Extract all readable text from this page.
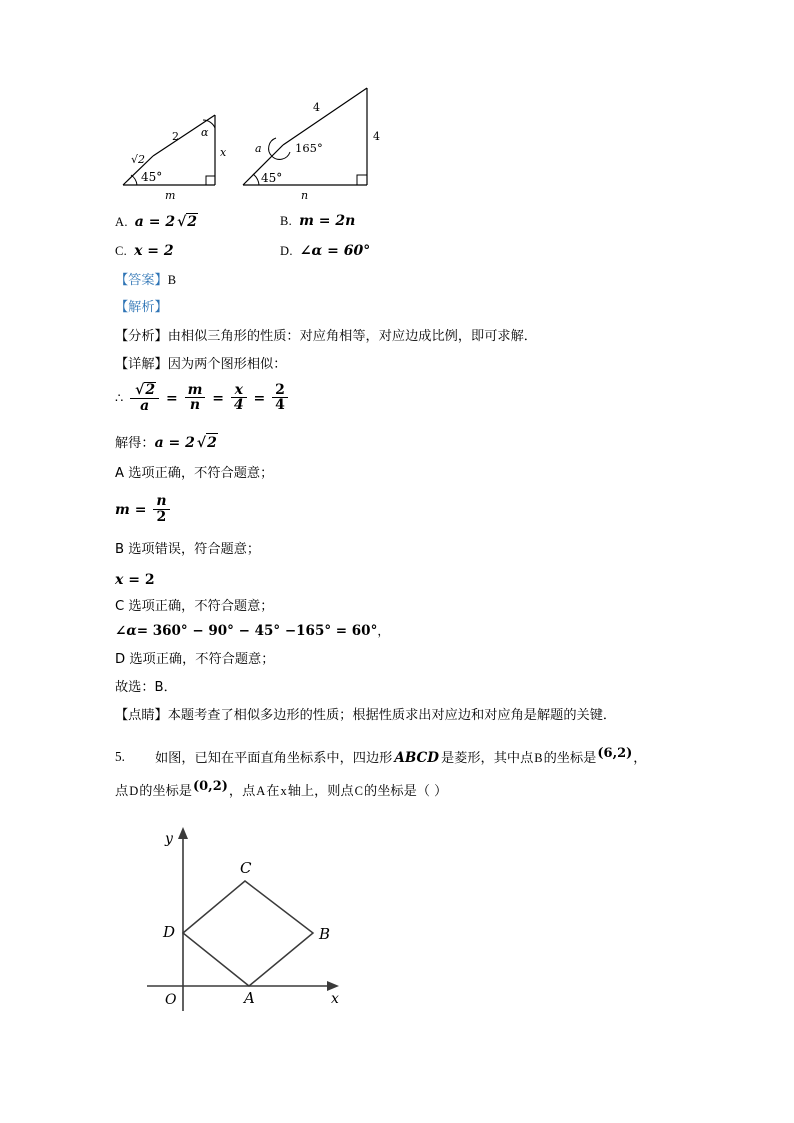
√2
2
45°
m
x
α
a
4
165°
45°
n
4
A. a = 2 √2	B. m = 2n
C. x = 2	D. ∠α = 60°
【答案】B
【解析】
【分析】由相似三角形的性质：对应角相等，对应边成比例，即可求解．
【详解】因为两个图形相似：
∴ $\frac{√2}{a} = \frac{m}{n} = \frac{x}{4} = \frac{2}{4}$
解得：a = 2 √2
A 选项正确，不符合题意；
$m = \frac{n}{2}$
B 选项错误，符合题意；
x = 2
C 选项正确，不符合题意；
∠α= 360° − 90° − 45° −165° = 60°，
D 选项正确，不符合题意；
故选：B．
【点睛】本题考查了相似多边形的性质；根据性质求出对应边和对应角是解题的关键．
5. 如图，已知在平面直角坐标系中，四边形 ABCD 是菱形，其中点B的坐标是(6,2)，
点D的坐标是(0,2)，点A在x轴上，则点C的坐标是（ ）
D
C
B
A
O	x
y
